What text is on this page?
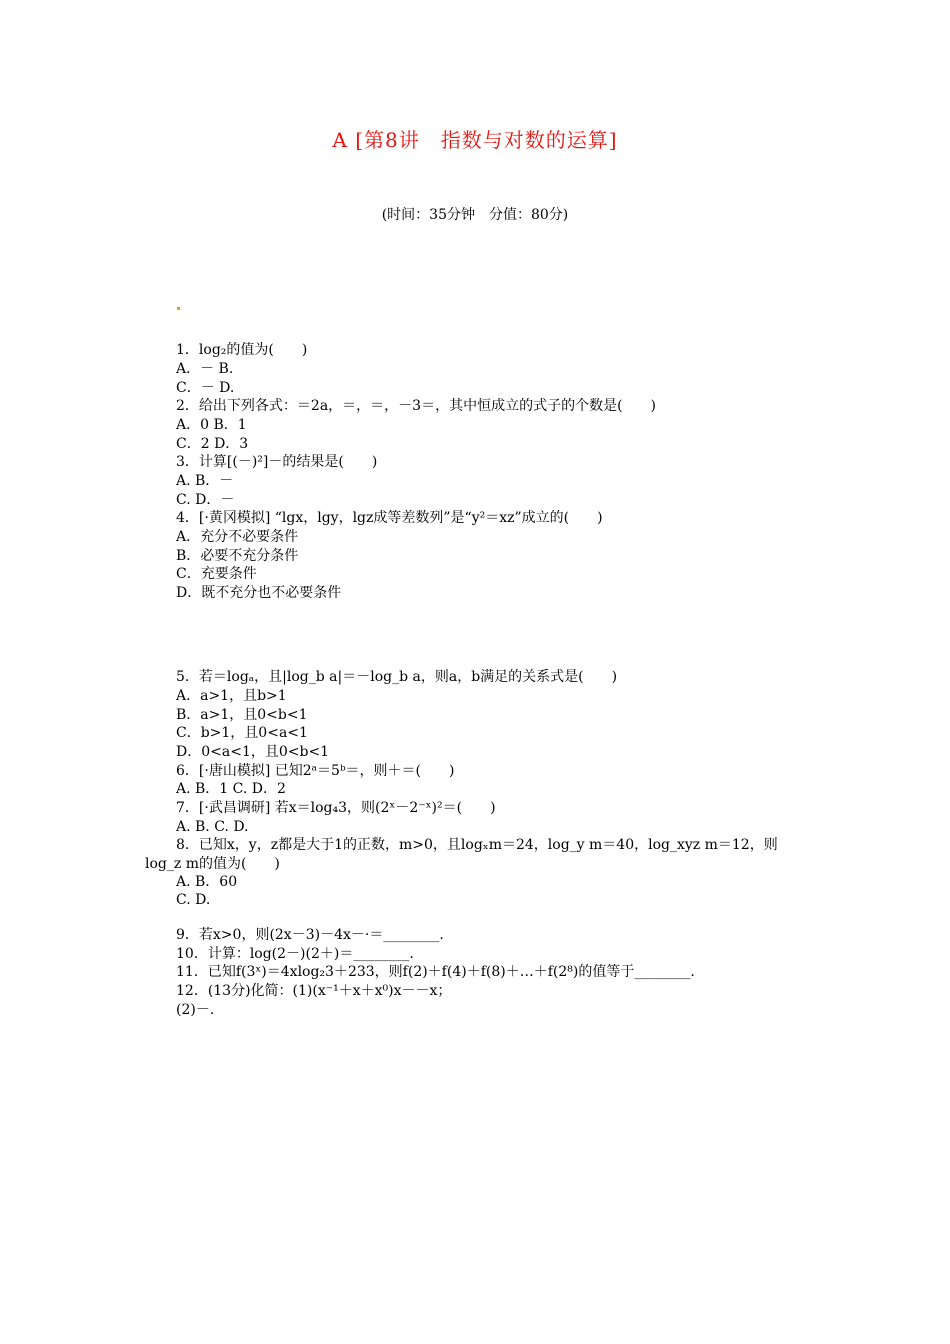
A [第8讲　指数与对数的运算]
(时间：35分钟　分值：80分)
1．log₂的值为(　　)
A．－ B.
C．－ D.
2．给出下列各式：＝2a，＝，＝，－3＝，其中恒成立的式子的个数是(　　)
A．0 B．1
C．2 D．3
3．计算[(－)²]－的结果是(　　)
A. B．－
C. D．－
4．[·黄冈模拟] “lgx，lgy，lgz成等差数列”是“y²＝xz”成立的(　　)
A．充分不必要条件
B．必要不充分条件
C．充要条件
D．既不充分也不必要条件
5．若＝logₐ，且|log_b a|＝－log_b a，则a，b满足的关系式是(　　)
A．a>1，且b>1
B．a>1，且0<b<1
C．b>1，且0<a<1
D．0<a<1，且0<b<1
6．[·唐山模拟] 已知2ᵃ＝5ᵇ＝，则＋＝(　　)
A. B．1 C. D．2
7．[·武昌调研] 若x＝log₄3，则(2ˣ－2⁻ˣ)²＝(　　)
A. B. C. D.
8．已知x，y，z都是大于1的正数，m>0，且logₓm＝24，log_y m＝40，log_xyz m＝12，则
log_z m的值为(　　)
A. B．60
C. D.
9．若x>0，则(2x－3)－4x－·＝________.
10．计算：log(2－)(2＋)＝________.
11．已知f(3ˣ)＝4xlog₂3＋233，则f(2)＋f(4)＋f(8)＋…＋f(2⁸)的值等于________.
12．(13分)化简：(1)(x⁻¹＋x＋x⁰)x－－x；
(2)－.
